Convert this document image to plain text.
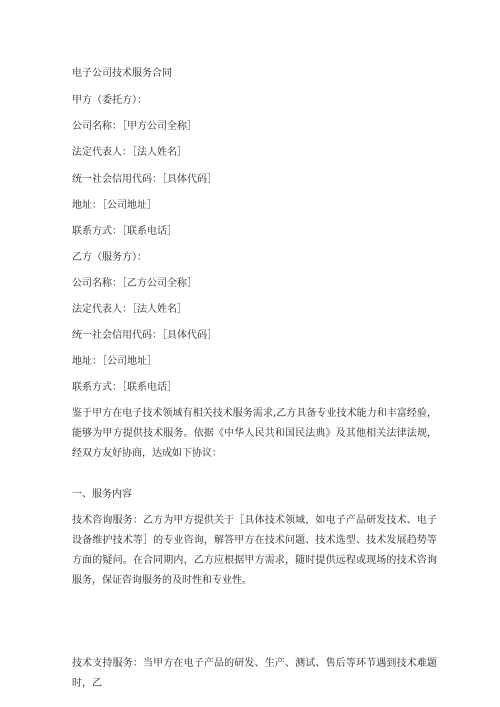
电子公司技术服务合同

甲方（委托方）：

公司名称：［甲方公司全称］

法定代表人：［法人姓名］

统一社会信用代码：［具体代码］

地址：［公司地址］

联系方式：［联系电话］

乙方（服务方）：

公司名称：［乙方公司全称］

法定代表人：［法人姓名］

统一社会信用代码：［具体代码］

地址：［公司地址］

联系方式：［联系电话］

鉴于甲方在电子技术领域有相关技术服务需求,乙方具备专业技术能力和丰富经验，能够为甲方提供技术服务。依据《中华人民共和国民法典》及其他相关法律法规，经双方友好协商，达成如下协议：

一、服务内容

技术咨询服务：乙方为甲方提供关于［具体技术领域，如电子产品研发技术、电子设备维护技术等］的专业咨询，解答甲方在技术问题、技术选型、技术发展趋势等方面的疑问。在合同期内，乙方应根据甲方需求，随时提供远程或现场的技术咨询服务，保证咨询服务的及时性和专业性。

技术支持服务：当甲方在电子产品的研发、生产、测试、售后等环节遇到技术难题时，乙
